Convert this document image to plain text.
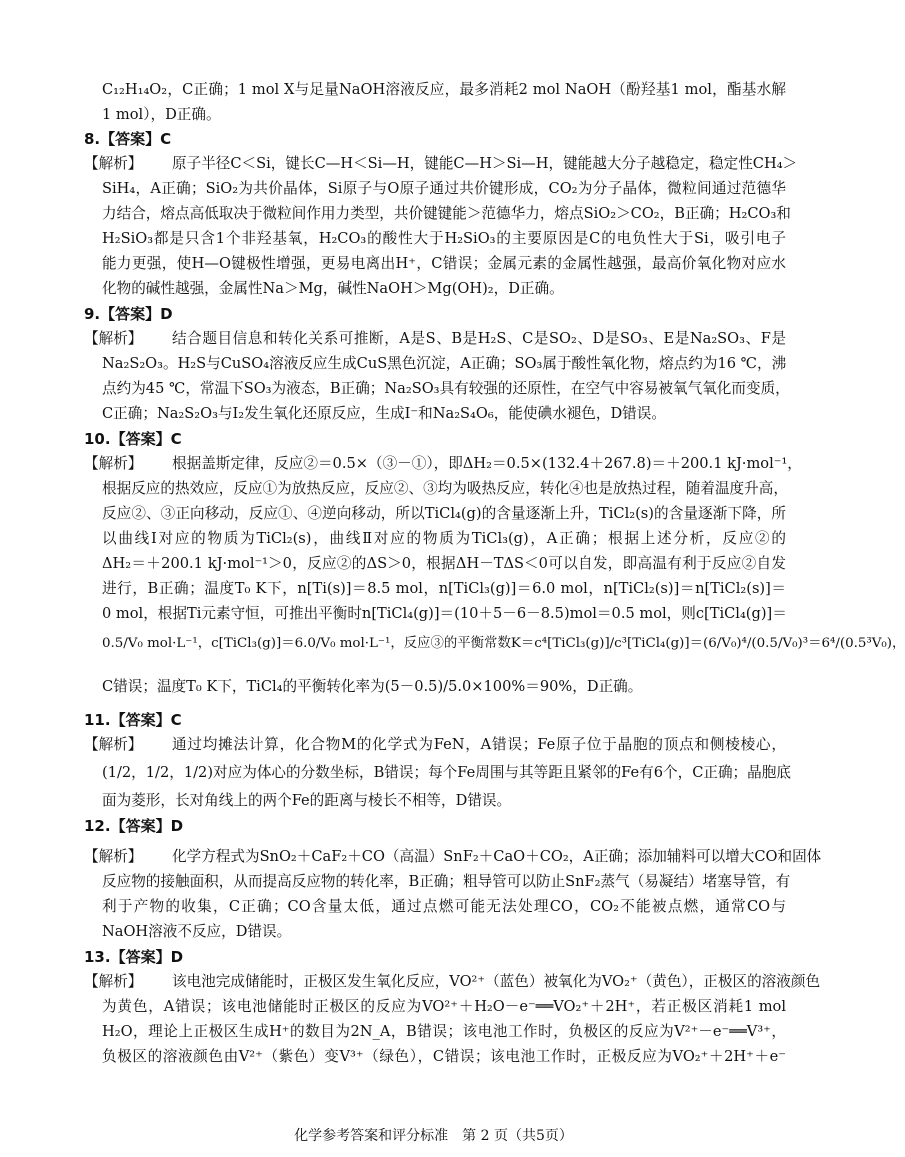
C₁₂H₁₄O₂，C正确；1 mol X与足量NaOH溶液反应，最多消耗2 mol NaOH（酚羟基1 mol，酯基水解
1 mol），D正确。
8.【答案】C
【解析】 原子半径C＜Si，键长C—H＜Si—H，键能C—H＞Si—H，键能越大分子越稳定，稳定性CH₄＞
SiH₄，A正确；SiO₂为共价晶体，Si原子与O原子通过共价键形成，CO₂为分子晶体，微粒间通过范德华
力结合，熔点高低取决于微粒间作用力类型，共价键键能＞范德华力，熔点SiO₂＞CO₂，B正确；H₂CO₃和
H₂SiO₃都是只含1个非羟基氧，H₂CO₃的酸性大于H₂SiO₃的主要原因是C的电负性大于Si，吸引电子
能力更强，使H—O键极性增强，更易电离出H⁺，C错误；金属元素的金属性越强，最高价氧化物对应水
化物的碱性越强，金属性Na＞Mg，碱性NaOH＞Mg(OH)₂，D正确。
9.【答案】D
【解析】 结合题目信息和转化关系可推断，A是S、B是H₂S、C是SO₂、D是SO₃、E是Na₂SO₃、F是
Na₂S₂O₃。H₂S与CuSO₄溶液反应生成CuS黑色沉淀，A正确；SO₃属于酸性氧化物，熔点约为16 ℃，沸
点约为45 ℃，常温下SO₃为液态，B正确；Na₂SO₃具有较强的还原性，在空气中容易被氧气氧化而变质，
C正确；Na₂S₂O₃与I₂发生氧化还原反应，生成I⁻和Na₂S₄O₆，能使碘水褪色，D错误。
10.【答案】C
【解析】 根据盖斯定律，反应②＝0.5×（③－①），即ΔH₂＝0.5×(132.4＋267.8)＝＋200.1 kJ·mol⁻¹，
根据反应的热效应，反应①为放热反应，反应②、③均为吸热反应，转化④也是放热过程，随着温度升高，
反应②、③正向移动，反应①、④逆向移动，所以TiCl₄(g)的含量逐渐上升，TiCl₂(s)的含量逐渐下降，所
以曲线Ⅰ对应的物质为TiCl₂(s)，曲线Ⅱ对应的物质为TiCl₃(g)，A正确；根据上述分析，反应②的
ΔH₂＝＋200.1 kJ·mol⁻¹＞0，反应②的ΔS＞0，根据ΔH－TΔS＜0可以自发，即高温有利于反应②自发
进行，B正确；温度T₀ K下，n[Ti(s)]＝8.5 mol，n[TiCl₃(g)]＝6.0 mol，n[TiCl₂(s)]＝n[TiCl₂(s)]＝
0 mol，根据Ti元素守恒，可推出平衡时n[TiCl₄(g)]＝(10＋5－6－8.5)mol＝0.5 mol，则c[TiCl₄(g)]＝
0.5/V₀ mol·L⁻¹，c[TiCl₃(g)]＝6.0/V₀ mol·L⁻¹，反应③的平衡常数K＝c⁴[TiCl₃(g)]/c³[TiCl₄(g)]＝(6/V₀)⁴/(0.5/V₀)³＝6⁴/(0.5³V₀)，
C错误；温度T₀ K下，TiCl₄的平衡转化率为(5－0.5)/5.0×100%＝90%，D正确。
11.【答案】C
【解析】 通过均摊法计算，化合物M的化学式为FeN，A错误；Fe原子位于晶胞的顶点和侧棱棱心，
(1/2，1/2，1/2)对应为体心的分数坐标，B错误；每个Fe周围与其等距且紧邻的Fe有6个，C正确；晶胞底
面为菱形，长对角线上的两个Fe的距离与棱长不相等，D错误。
12.【答案】D
【解析】 化学方程式为SnO₂＋CaF₂＋CO（高温）SnF₂＋CaO＋CO₂，A正确；添加辅料可以增大CO和固体
反应物的接触面积，从而提高反应物的转化率，B正确；粗导管可以防止SnF₂蒸气（易凝结）堵塞导管，有
利于产物的收集，C正确；CO含量太低，通过点燃可能无法处理CO，CO₂不能被点燃，通常CO与
NaOH溶液不反应，D错误。
13.【答案】D
【解析】 该电池完成储能时，正极区发生氧化反应，VO²⁺（蓝色）被氧化为VO₂⁺（黄色），正极区的溶液颜色
为黄色，A错误；该电池储能时正极区的反应为VO²⁺＋H₂O－e⁻══VO₂⁺＋2H⁺，若正极区消耗1 mol
H₂O，理论上正极区生成H⁺的数目为2N_A，B错误；该电池工作时，负极区的反应为V²⁺－e⁻══V³⁺，
负极区的溶液颜色由V²⁺（紫色）变V³⁺（绿色），C错误；该电池工作时，正极反应为VO₂⁺＋2H⁺＋e⁻
化学参考答案和评分标准　第 2 页（共5页）
